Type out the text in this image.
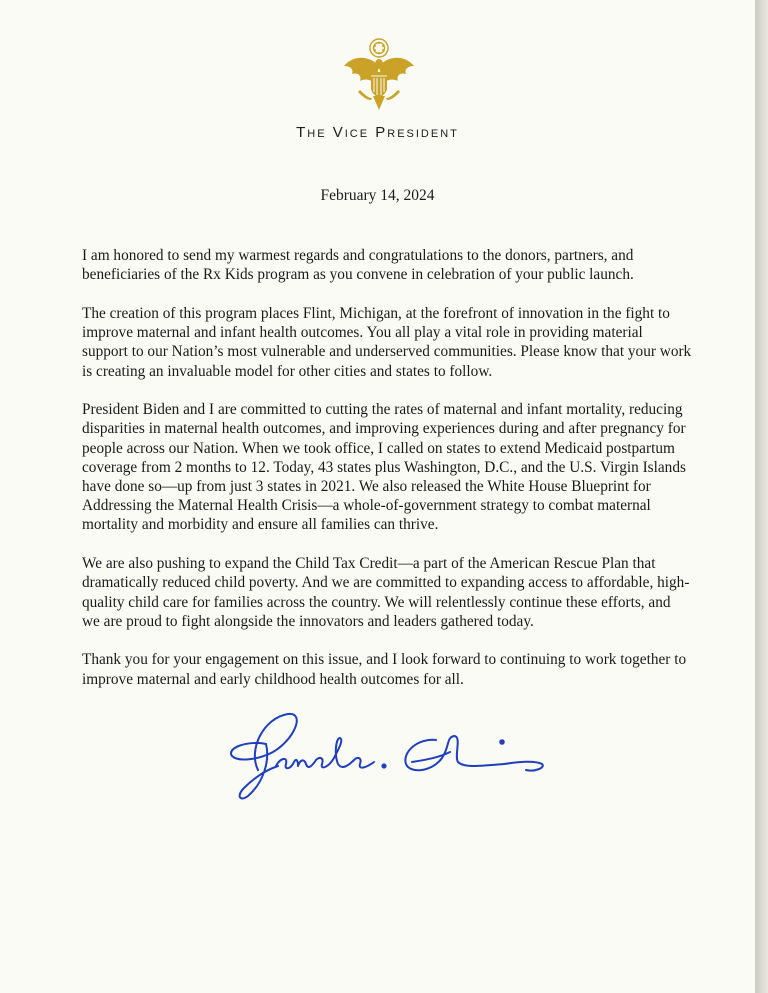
The Vice President
February 14, 2024

I am honored to send my warmest regards and congratulations to the donors, partners, and beneficiaries of the Rx Kids program as you convene in celebration of your public launch.

The creation of this program places Flint, Michigan, at the forefront of innovation in the fight to improve maternal and infant health outcomes. You all play a vital role in providing material support to our Nation’s most vulnerable and underserved communities. Please know that your work is creating an invaluable model for other cities and states to follow.

President Biden and I are committed to cutting the rates of maternal and infant mortality, reducing disparities in maternal health outcomes, and improving experiences during and after pregnancy for people across our Nation. When we took office, I called on states to extend Medicaid postpartum coverage from 2 months to 12. Today, 43 states plus Washington, D.C., and the U.S. Virgin Islands have done so—up from just 3 states in 2021. We also released the White House Blueprint for Addressing the Maternal Health Crisis—a whole-of-government strategy to combat maternal mortality and morbidity and ensure all families can thrive.

We are also pushing to expand the Child Tax Credit—a part of the American Rescue Plan that dramatically reduced child poverty. And we are committed to expanding access to affordable, high-quality child care for families across the country. We will relentlessly continue these efforts, and we are proud to fight alongside the innovators and leaders gathered today.

Thank you for your engagement on this issue, and I look forward to continuing to work together to improve maternal and early childhood health outcomes for all.
